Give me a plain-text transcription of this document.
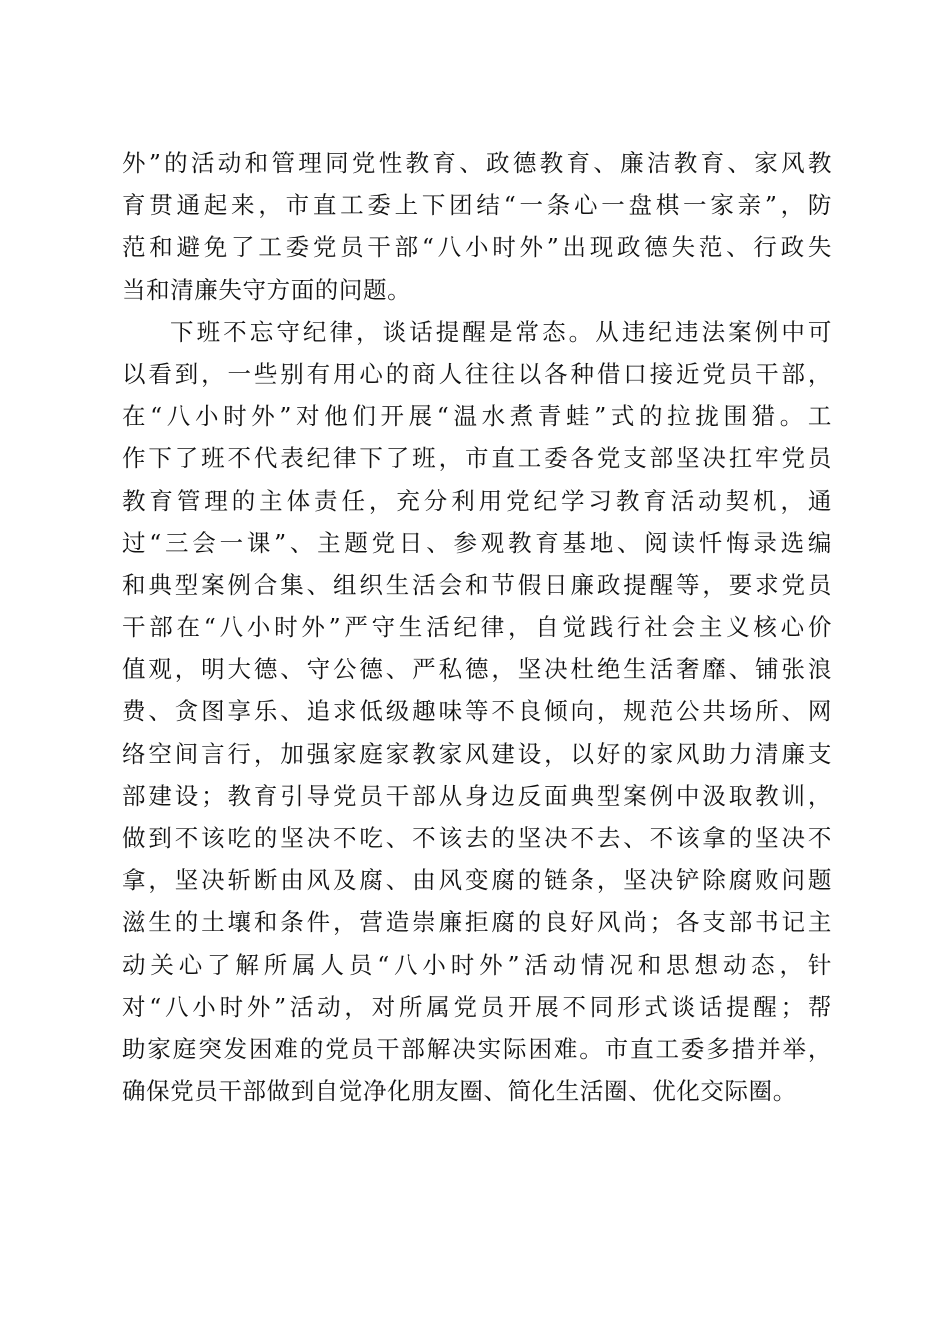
外”的活动和管理同党性教育、政德教育、廉洁教育、家风教
育贯通起来，市直工委上下团结“一条心一盘棋一家亲”，防
范和避免了工委党员干部“八小时外”出现政德失范、行政失
当和清廉失守方面的问题。
下班不忘守纪律，谈话提醒是常态。从违纪违法案例中可
以看到，一些别有用心的商人往往以各种借口接近党员干部，
在“八小时外”对他们开展“温水煮青蛙”式的拉拢围猎。工
作下了班不代表纪律下了班，市直工委各党支部坚决扛牢党员
教育管理的主体责任，充分利用党纪学习教育活动契机，通
过“三会一课”、主题党日、参观教育基地、阅读忏悔录选编
和典型案例合集、组织生活会和节假日廉政提醒等，要求党员
干部在“八小时外”严守生活纪律，自觉践行社会主义核心价
值观，明大德、守公德、严私德，坚决杜绝生活奢靡、铺张浪
费、贪图享乐、追求低级趣味等不良倾向，规范公共场所、网
络空间言行，加强家庭家教家风建设，以好的家风助力清廉支
部建设；教育引导党员干部从身边反面典型案例中汲取教训，
做到不该吃的坚决不吃、不该去的坚决不去、不该拿的坚决不
拿，坚决斩断由风及腐、由风变腐的链条，坚决铲除腐败问题
滋生的土壤和条件，营造崇廉拒腐的良好风尚；各支部书记主
动关心了解所属人员“八小时外”活动情况和思想动态，针
对“八小时外”活动，对所属党员开展不同形式谈话提醒；帮
助家庭突发困难的党员干部解决实际困难。市直工委多措并举，
确保党员干部做到自觉净化朋友圈、简化生活圈、优化交际圈。
